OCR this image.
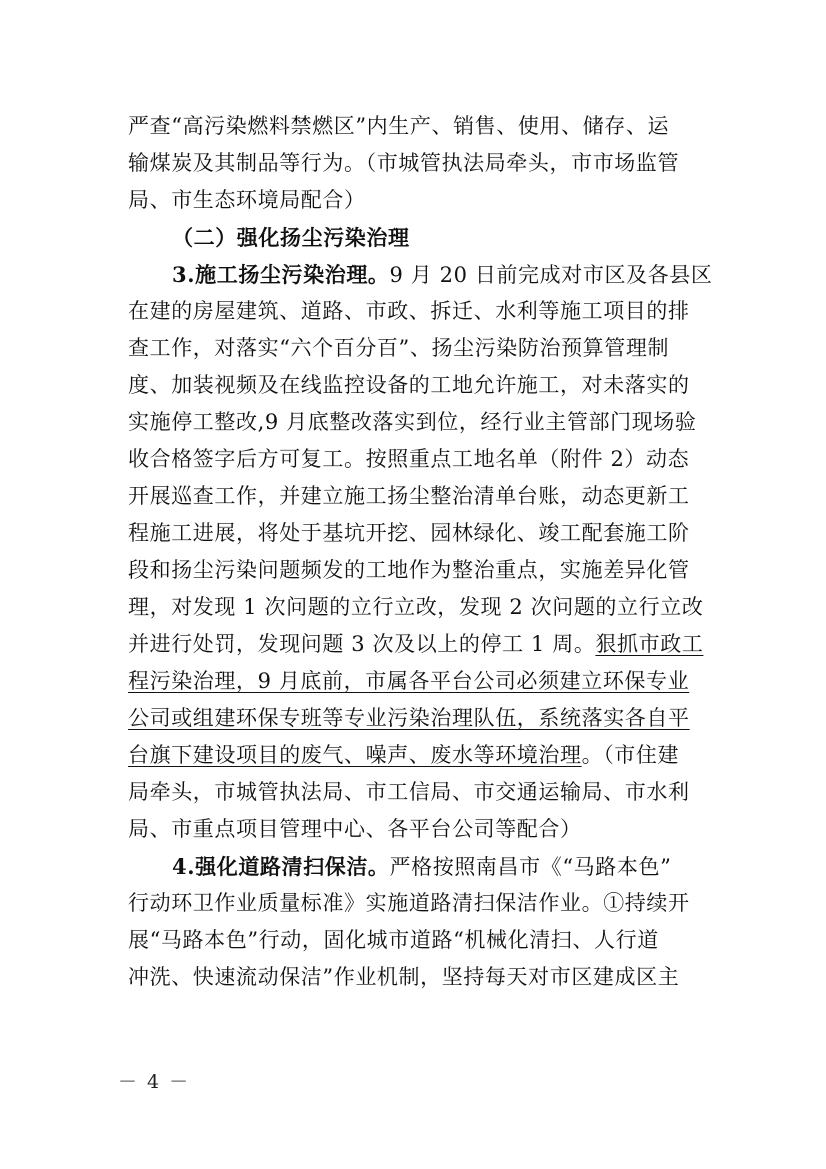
严查“高污染燃料禁燃区”内生产、销售、使用、储存、运
输煤炭及其制品等行为。（市城管执法局牵头，市市场监管
局、市生态环境局配合）
（二）强化扬尘污染治理
3.施工扬尘污染治理。9 月 20 日前完成对市区及各县区
在建的房屋建筑、道路、市政、拆迁、水利等施工项目的排
查工作，对落实“六个百分百”、扬尘污染防治预算管理制
度、加装视频及在线监控设备的工地允许施工，对未落实的
实施停工整改,9 月底整改落实到位，经行业主管部门现场验
收合格签字后方可复工。按照重点工地名单（附件 2）动态
开展巡查工作，并建立施工扬尘整治清单台账，动态更新工
程施工进展，将处于基坑开挖、园林绿化、竣工配套施工阶
段和扬尘污染问题频发的工地作为整治重点，实施差异化管
理，对发现 1 次问题的立行立改，发现 2 次问题的立行立改
并进行处罚，发现问题 3 次及以上的停工 1 周。狠抓市政工
程污染治理，9 月底前，市属各平台公司必须建立环保专业
公司或组建环保专班等专业污染治理队伍，系统落实各自平
台旗下建设项目的废气、噪声、废水等环境治理。（市住建
局牵头，市城管执法局、市工信局、市交通运输局、市水利
局、市重点项目管理中心、各平台公司等配合）
4.强化道路清扫保洁。严格按照南昌市《“马路本色”
行动环卫作业质量标准》实施道路清扫保洁作业。①持续开
展“马路本色”行动，固化城市道路“机械化清扫、人行道
冲洗、快速流动保洁”作业机制，坚持每天对市区建成区主
－ 4 －
